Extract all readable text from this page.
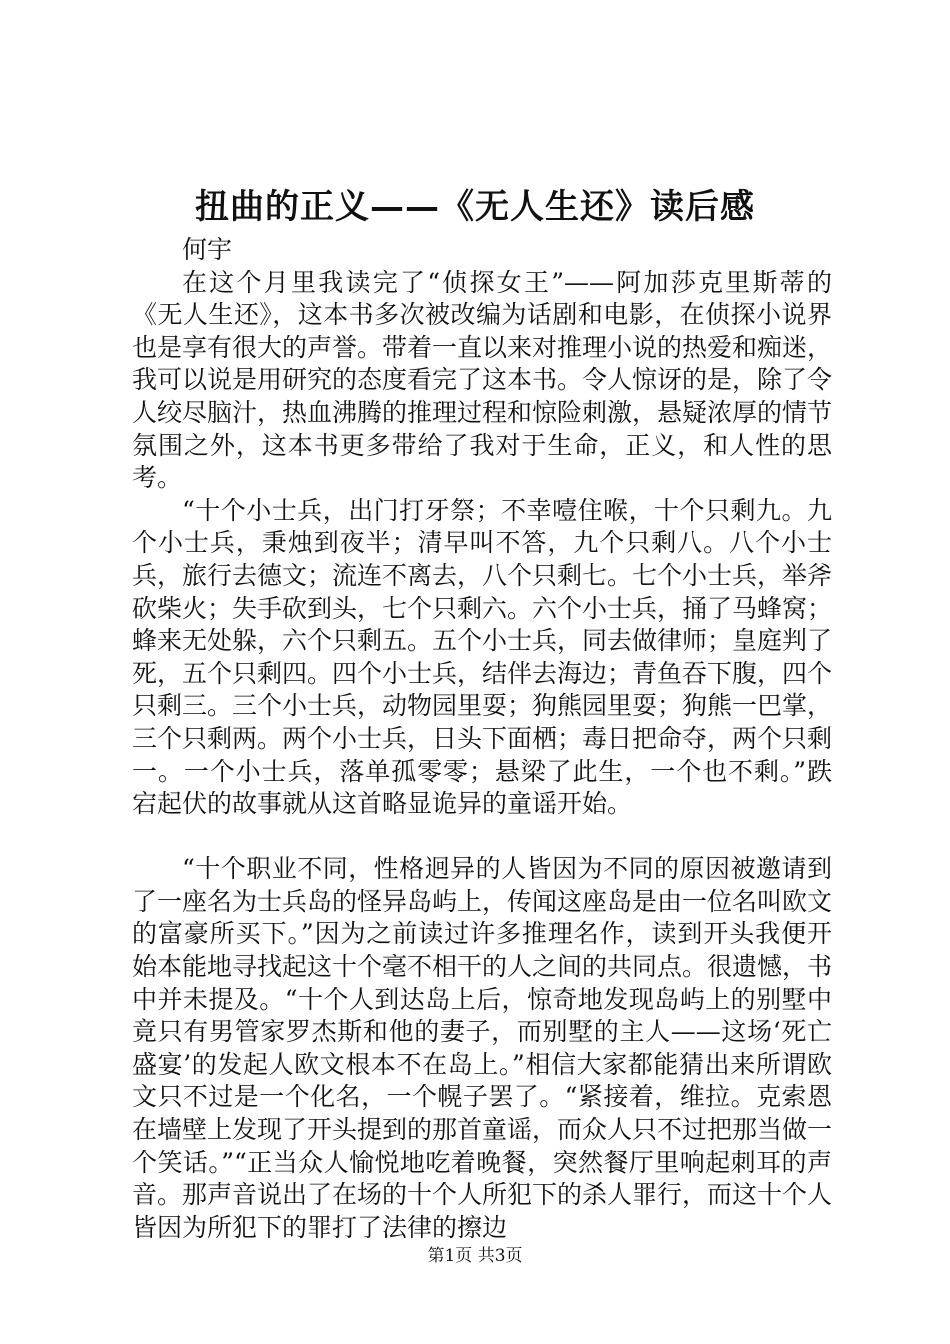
扭曲的正义——《无人生还》读后感

何宇

在这个月里我读完了“侦探女王”——阿加莎克里斯蒂的《无人生还》，这本书多次被改编为话剧和电影，在侦探小说界也是享有很大的声誉。带着一直以来对推理小说的热爱和痴迷，我可以说是用研究的态度看完了这本书。令人惊讶的是，除了令人绞尽脑汁，热血沸腾的推理过程和惊险刺激，悬疑浓厚的情节氛围之外，这本书更多带给了我对于生命，正义，和人性的思考。

“十个小士兵，出门打牙祭；不幸噎住喉，十个只剩九。九个小士兵，秉烛到夜半；清早叫不答，九个只剩八。八个小士兵，旅行去德文；流连不离去，八个只剩七。七个小士兵，举斧砍柴火；失手砍到头，七个只剩六。六个小士兵，捅了马蜂窝；蜂来无处躲，六个只剩五。五个小士兵，同去做律师；皇庭判了死，五个只剩四。四个小士兵，结伴去海边；青鱼吞下腹，四个只剩三。三个小士兵，动物园里耍；狗熊园里耍；狗熊一巴掌，三个只剩两。两个小士兵，日头下面栖；毒日把命夺，两个只剩一。一个小士兵，落单孤零零；悬梁了此生，一个也不剩。”跌宕起伏的故事就从这首略显诡异的童谣开始。

“十个职业不同，性格迥异的人皆因为不同的原因被邀请到了一座名为士兵岛的怪异岛屿上，传闻这座岛是由一位名叫欧文的富豪所买下。”因为之前读过许多推理名作，读到开头我便开始本能地寻找起这十个毫不相干的人之间的共同点。很遗憾，书中并未提及。“十个人到达岛上后，惊奇地发现岛屿上的别墅中竟只有男管家罗杰斯和他的妻子，而别墅的主人——这场‘死亡盛宴’的发起人欧文根本不在岛上。”相信大家都能猜出来所谓欧文只不过是一个化名，一个幌子罢了。“紧接着，维拉。克索恩在墙壁上发现了开头提到的那首童谣，而众人只不过把那当做一个笑话。”“正当众人愉悦地吃着晚餐，突然餐厅里响起刺耳的声音。那声音说出了在场的十个人所犯下的杀人罪行，而这十个人皆因为所犯下的罪打了法律的擦边

第1页 共3页
